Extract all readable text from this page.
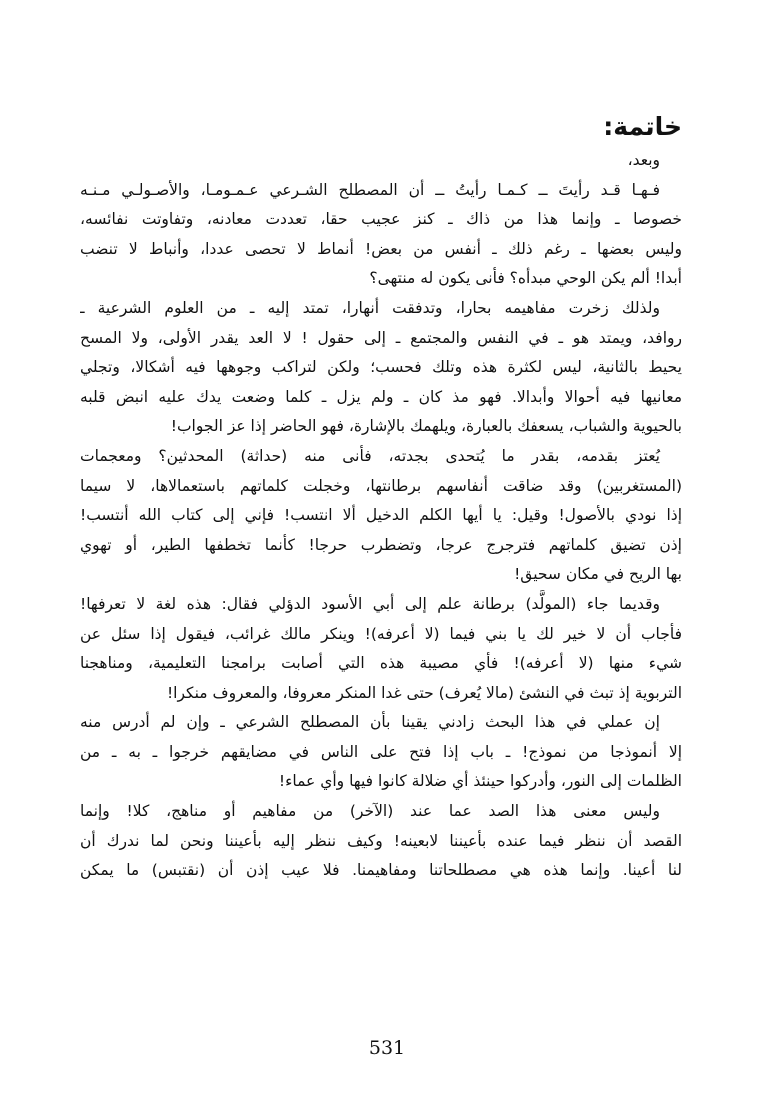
خاتمة:
وبعد،
فـهـا قـد رأيتَ ــ كـمـا رأيتُ ــ أن المصطلح الشـرعي عـمـومـا، والأصـولـي مـنـه
خصوصا ـ وإنما هذا من ذاك ـ كنز عجيب حقا، تعددت معادنه، وتفاوتت نفائسه،
وليس بعضها ـ رغم ذلك ـ أنفس من بعض! أنماط لا تحصى عددا، وأنباط لا تنضب
أبدا! ألم يكن الوحي مبدأه؟ فأنى يكون له منتهى؟
ولذلك زخرت مفاهيمه بحارا، وتدفقت أنهارا، تمتد إليه ـ من العلوم الشرعية ـ
روافد، ويمتد هو ـ في النفس والمجتمع ـ إلى حقول ! لا العد يقدر الأولى، ولا المسح
يحيط بالثانية، ليس لكثرة هذه وتلك فحسب؛ ولكن لتراكب وجوهها فيه أشكالا، وتجلي
معانيها فيه أحوالا وأبدالا. فهو مذ كان ـ ولم يزل ـ كلما وضعت يدك عليه انبض قلبه
بالحيوية والشباب، يسعفك بالعبارة، ويلهمك بالإشارة، فهو الحاضر إذا عز الجواب!
يُعتز بقدمه، بقدر ما يُتحدى بجدته، فأنى منه (حداثة) المحدثين؟ ومعجمات
(المستغربين) وقد ضاقت أنفاسهم برطانتها، وخجلت كلماتهم باستعمالاها، لا سيما
إذا نودي بالأصول! وقيل: يا أيها الكلم الدخيل ألا انتسب! فإني إلى كتاب الله أنتسب!
إذن تضيق كلماتهم فترجرج عرجا، وتضطرب حرجا! كأنما تخطفها الطير، أو تهوي
بها الريح في مكان سحيق!
وقديما جاء (المولَّد) برطانة علم إلى أبي الأسود الدؤلي فقال: هذه لغة لا تعرفها!
فأجاب أن لا خير لك يا بني فيما (لا أعرفه)! وينكر مالك غرائب، فيقول إذا سئل عن
شيء منها (لا أعرفه)! فأي مصيبة هذه التي أصابت برامجنا التعليمية، ومناهجنا
التربوية إذ تبث في النشئ (مالا يُعرف) حتى غدا المنكر معروفا، والمعروف منكرا!
إن عملي في هذا البحث زادني يقينا بأن المصطلح الشرعي ـ وإن لم أدرس منه
إلا أنموذجا من نموذج! ـ باب إذا فتح على الناس في مضايقهم خرجوا ـ به ـ من
الظلمات إلى النور، وأدركوا حينئذ أي ضلالة كانوا فيها وأي عماء!
وليس معنى هذا الصد عما عند (الآخر) من مفاهيم أو مناهج، كلا! وإنما
القصد أن ننظر فيما عنده بأعيننا لابعينه! وكيف ننظر إليه بأعيننا ونحن لما ندرك أن
لنا أعينا. وإنما هذه هي مصطلحاتنا ومفاهيمنا. فلا عيب إذن أن (نقتبس) ما يمكن
531
